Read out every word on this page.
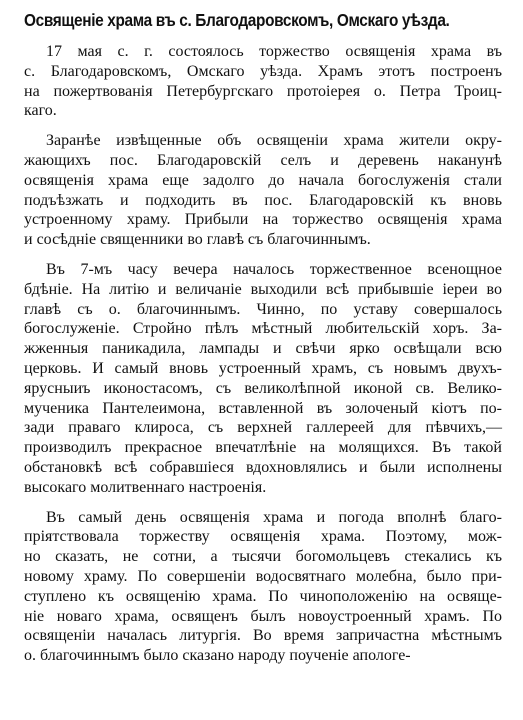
Освященіе храма въ с. Благодаровскомъ, Омскаго уѣзда.
17 мая с. г. состоялось торжество освященія храма въ
с. Благодаровскомъ, Омскаго уѣзда. Храмъ этотъ построенъ
на пожертвованія Петербургскаго протоіерея о. Петра Троиц-
каго.
Заранѣе извѣщенные объ освященіи храма жители окру-
жающихъ пос. Благодаровскій селъ и деревень наканунѣ
освященія храма еще задолго до начала богослуженія стали
подъѣзжать и подходить въ пос. Благодаровскій къ вновь
устроенному храму. Прибыли на торжество освященія храма
и сосѣдніе священники во главѣ съ благочиннымъ.
Въ 7-мъ часу вечера началось торжественное всенощное
бдѣніе. На литію и величаніе выходили всѣ прибывшіе іереи во
главѣ съ о. благочиннымъ. Чинно, по уставу совершалось
богослуженіе. Стройно пѣлъ мѣстный любительскій хоръ. За-
жженныя паникадила, лампады и свѣчи ярко освѣщали всю
церковь. И самый вновь устроенный храмъ, съ новымъ двухъ-
ярусныиъ иконостасомъ, съ великолѣпной иконой св. Велико-
мученика Пантелеимона, вставленной въ золоченый кіотъ по-
зади праваго клироса, съ верхней галлереей для пѣвчихъ,—
производилъ прекрасное впечатлѣніе на молящихся. Въ такой
обстановкѣ всѣ собравшіеся вдохновлялись и были исполнены
высокаго молитвеннаго настроенія.
Въ самый день освященія храма и погода вполнѣ благо-
пріятствовала торжеству освященія храма. Поэтому, мож-
но сказать, не сотни, а тысячи богомольцевъ стекались къ
новому храму. По совершеніи водосвятнаго молебна, было при-
ступлено къ освященію храма. По чиноположенію на освяще-
ніе новаго храма, освященъ былъ новоустроенный храмъ. По
освященіи началась литургія. Во время запричастна мѣстнымъ
о. благочиннымъ было сказано народу поученіе апологе-
